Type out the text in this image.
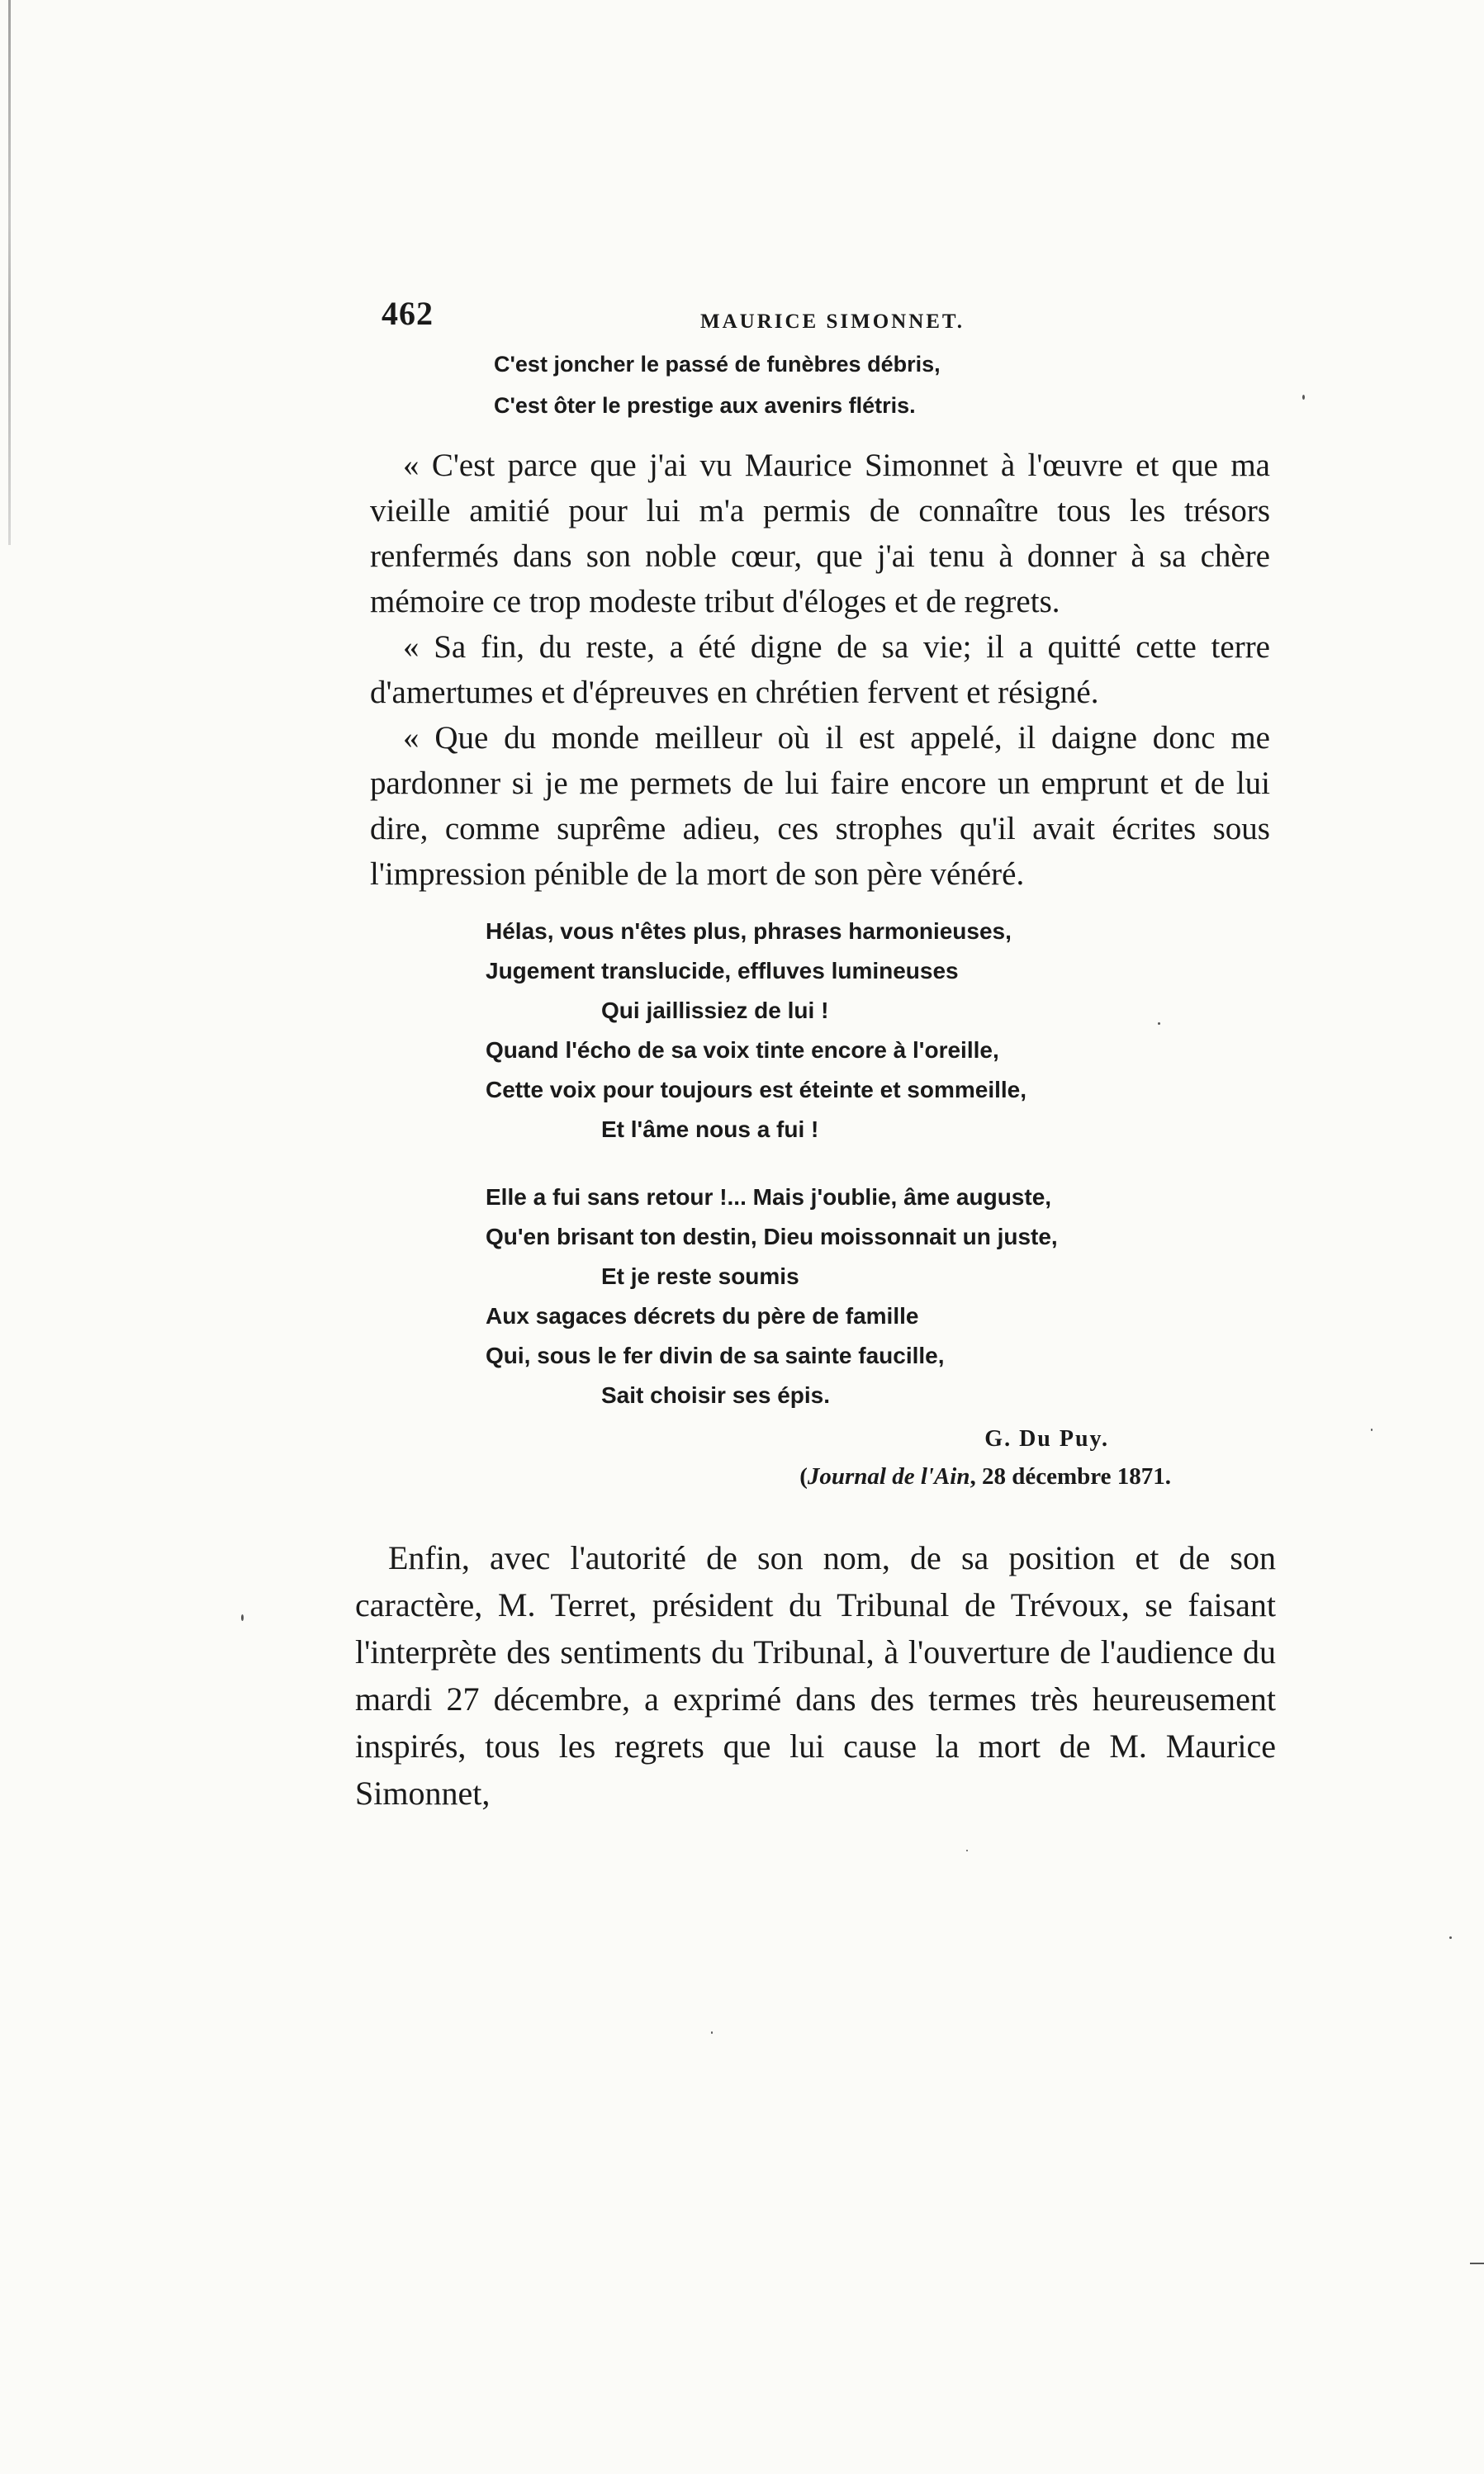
462	MAURICE SIMONNET.
C'est joncher le passé de funèbres débris,
C'est ôter le prestige aux avenirs flétris.

« C'est parce que j'ai vu Maurice Simonnet à l'œuvre et que ma vieille amitié pour lui m'a permis de connaître tous les trésors renfermés dans son noble cœur, que j'ai tenu à donner à sa chère mémoire ce trop modeste tribut d'éloges et de regrets.

« Sa fin, du reste, a été digne de sa vie; il a quitté cette terre d'amertumes et d'épreuves en chrétien fervent et résigné.

« Que du monde meilleur où il est appelé, il daigne donc me pardonner si je me permets de lui faire encore un emprunt et de lui dire, comme suprême adieu, ces strophes qu'il avait écrites sous l'impression pénible de la mort de son père vénéré.

Hélas, vous n'êtes plus, phrases harmonieuses,
Jugement translucide, effluves lumineuses
Qui jaillissiez de lui !
Quand l'écho de sa voix tinte encore à l'oreille,
Cette voix pour toujours est éteinte et sommeille,
Et l'âme nous a fui !
Elle a fui sans retour !... Mais j'oublie, âme auguste,
Qu'en brisant ton destin, Dieu moissonnait un juste,
Et je reste soumis
Aux sagaces décrets du père de famille
Qui, sous le fer divin de sa sainte faucille,
Sait choisir ses épis.
G. Du Puy.
(Journal de l'Ain, 28 décembre 1871.

Enfin, avec l'autorité de son nom, de sa position et de son caractère, M. Terret, président du Tribunal de Trévoux, se faisant l'interprète des sentiments du Tribunal, à l'ouverture de l'audience du mardi 27 décembre, a exprimé dans des termes très heureusement inspirés, tous les regrets que lui cause la mort de M. Maurice Simonnet,
